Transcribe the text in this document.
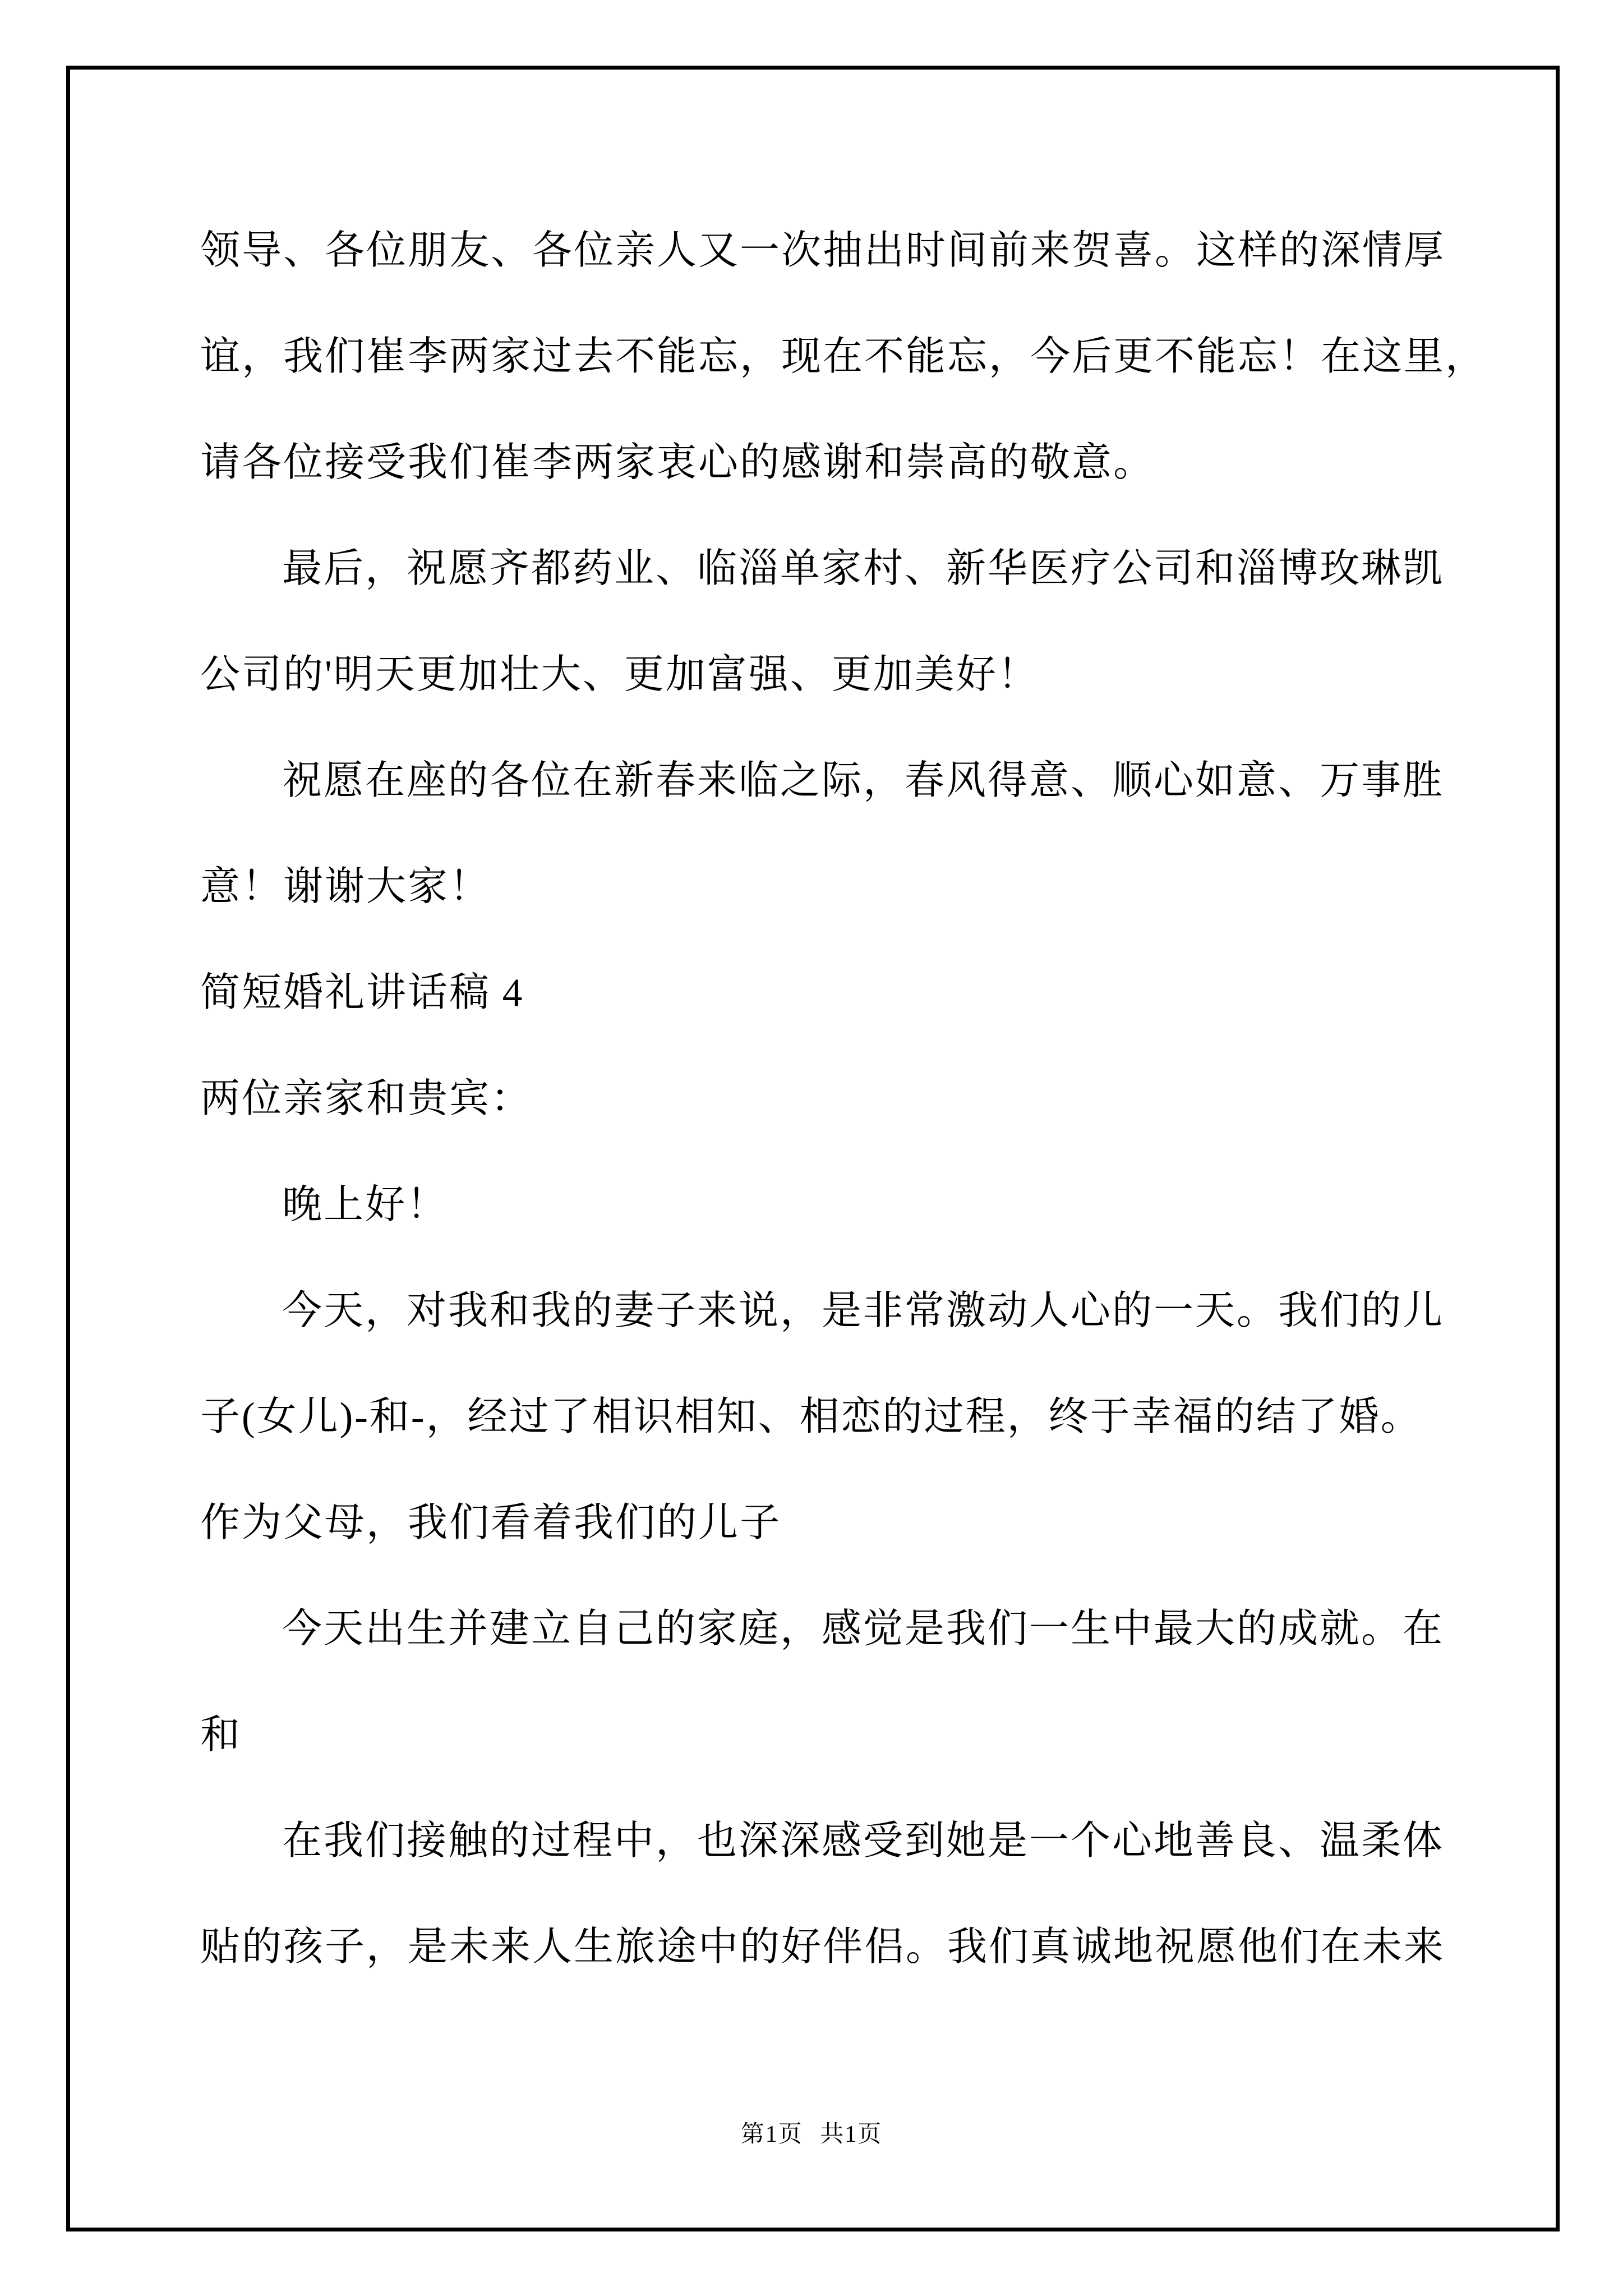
领导、各位朋友、各位亲人又一次抽出时间前来贺喜。这样的深情厚
谊，我们崔李两家过去不能忘，现在不能忘，今后更不能忘！在这里，
请各位接受我们崔李两家衷心的感谢和崇高的敬意。
最后，祝愿齐都药业、临淄单家村、新华医疗公司和淄博玫琳凯
公司的'明天更加壮大、更加富强、更加美好！
祝愿在座的各位在新春来临之际，春风得意、顺心如意、万事胜
意！谢谢大家！
简短婚礼讲话稿 4
两位亲家和贵宾：
晚上好！
今天，对我和我的妻子来说，是非常激动人心的一天。我们的儿
子(女儿)-和-，经过了相识相知、相恋的过程，终于幸福的结了婚。
作为父母，我们看着我们的儿子
今天出生并建立自己的家庭，感觉是我们一生中最大的成就。在
和
在我们接触的过程中，也深深感受到她是一个心地善良、温柔体
贴的孩子，是未来人生旅途中的好伴侣。我们真诚地祝愿他们在未来
第1页 共1页
